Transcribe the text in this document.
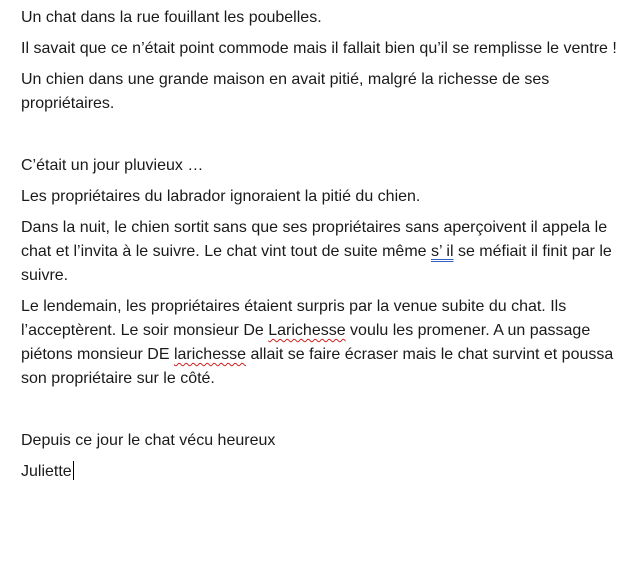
Un chat dans la rue fouillant les poubelles.

Il savait que ce n’était point commode mais il fallait bien qu’il se remplisse le ventre !

Un chien dans une grande maison en avait pitié, malgré la richesse de ses propriétaires.

C’était un jour pluvieux …

Les propriétaires du labrador ignoraient la pitié du chien.

Dans la nuit, le chien sortit sans que ses propriétaires sans aperçoivent il appela le chat et l’invita à le suivre. Le chat vint tout de suite même s’ il se méfiait il finit par le suivre.

Le lendemain, les propriétaires étaient surpris par la venue subite du chat. Ils l’acceptèrent. Le soir monsieur De Larichesse voulu les promener. A un passage piétons monsieur DE larichesse allait se faire écraser mais le chat survint et poussa son propriétaire sur le côté.

Depuis ce jour le chat vécu heureux

Juliette
